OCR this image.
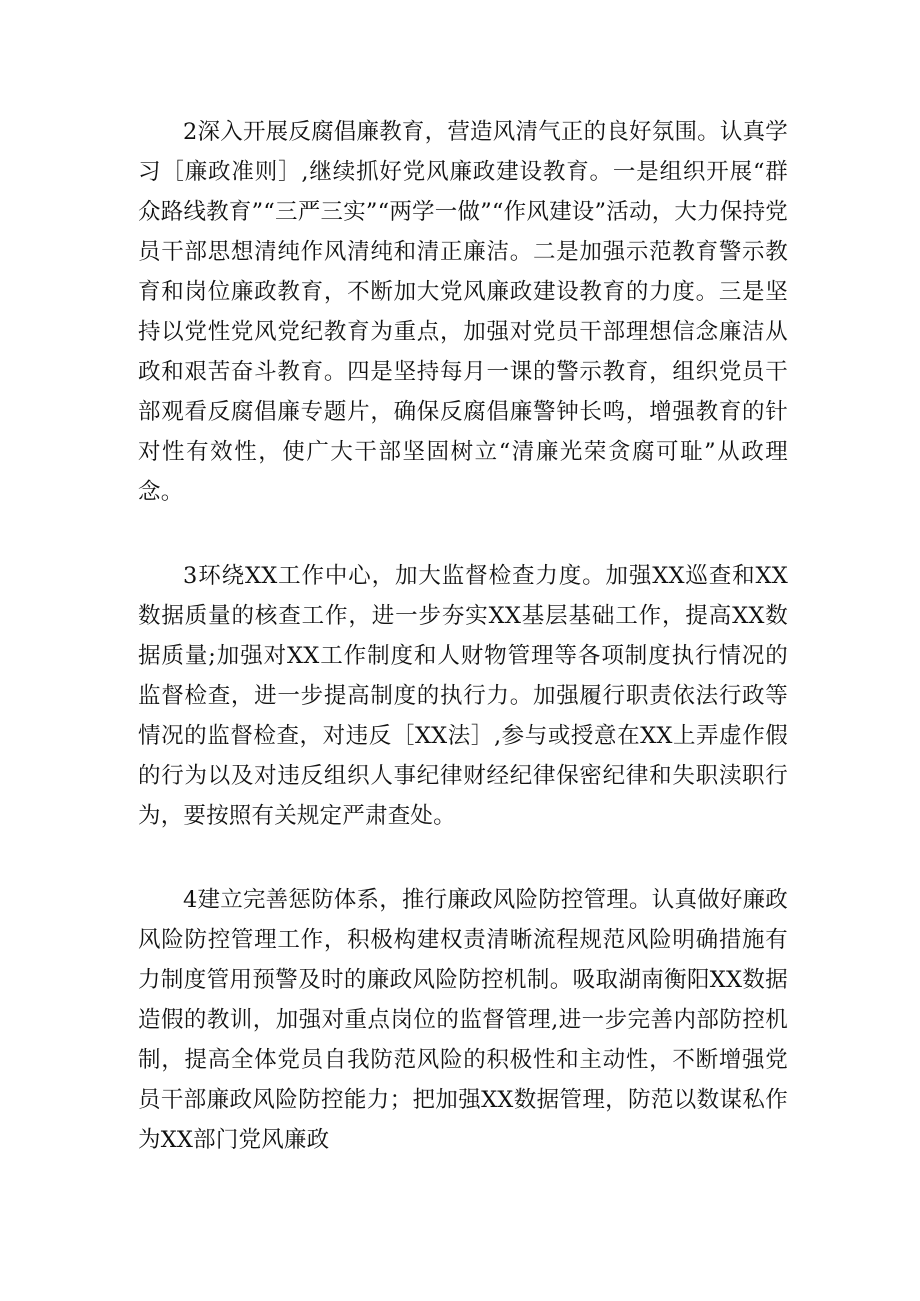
2深入开展反腐倡廉教育，营造风清气正的良好氛围。认真学习［廉政准则］,继续抓好党风廉政建设教育。一是组织开展“群众路线教育”“三严三实”“两学一做”“作风建设”活动，大力保持党员干部思想清纯作风清纯和清正廉洁。二是加强示范教育警示教育和岗位廉政教育，不断加大党风廉政建设教育的力度。三是坚持以党性党风党纪教育为重点，加强对党员干部理想信念廉洁从政和艰苦奋斗教育。四是坚持每月一课的警示教育，组织党员干部观看反腐倡廉专题片，确保反腐倡廉警钟长鸣，增强教育的针对性有效性，使广大干部坚固树立“清廉光荣贪腐可耻”从政理念。

3环绕XX工作中心，加大监督检查力度。加强XX巡查和XX数据质量的核查工作，进一步夯实XX基层基础工作，提高XX数据质量;加强对XX工作制度和人财物管理等各项制度执行情况的监督检查，进一步提高制度的执行力。加强履行职责依法行政等情况的监督检查，对违反［XX法］,参与或授意在XX上弄虚作假的行为以及对违反组织人事纪律财经纪律保密纪律和失职渎职行为，要按照有关规定严肃查处。

4建立完善惩防体系，推行廉政风险防控管理。认真做好廉政风险防控管理工作，积极构建权责清晰流程规范风险明确措施有力制度管用预警及时的廉政风险防控机制。吸取湖南衡阳XX数据造假的教训，加强对重点岗位的监督管理,进一步完善内部防控机制，提高全体党员自我防范风险的积极性和主动性，不断增强党员干部廉政风险防控能力；把加强XX数据管理，防范以数谋私作为XX部门党风廉政
